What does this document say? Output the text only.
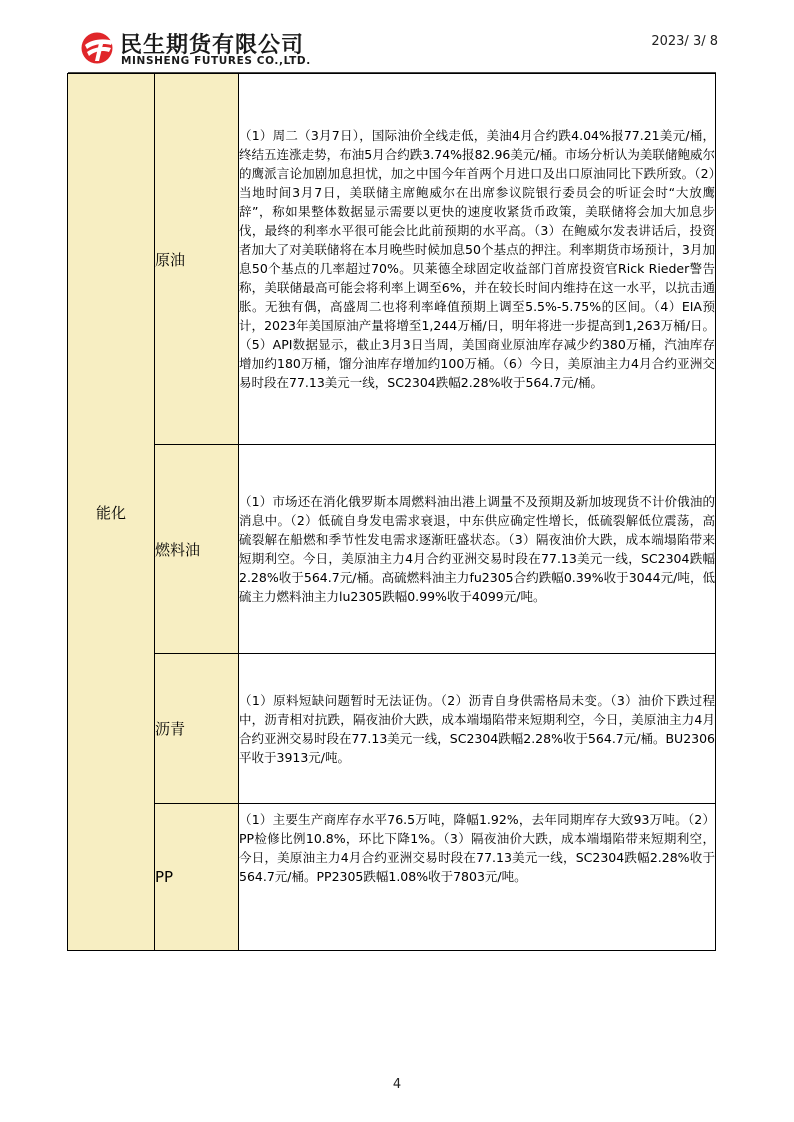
民生期货有限公司
MINSHENG FUTURES CO.,LTD.
2023/ 3/ 8
能化	原油	（1）周二（3月7日），国际油价全线走低，美油4月合约跌4.04%报77.21美元/桶，终结五连涨走势，布油5月合约跌3.74%报82.96美元/桶。市场分析认为美联储鲍威尔的鹰派言论加剧加息担忧，加之中国今年首两个月进口及出口原油同比下跌所致。（2）当地时间3月7日，美联储主席鲍威尔在出席参议院银行委员会的听证会时“大放鹰辞”，称如果整体数据显示需要以更快的速度收紧货币政策，美联储将会加大加息步伐，最终的利率水平很可能会比此前预期的水平高。（3）在鲍威尔发表讲话后，投资者加大了对美联储将在本月晚些时候加息50个基点的押注。利率期货市场预计，3月加息50个基点的几率超过70%。贝莱德全球固定收益部门首席投资官Rick Rieder警告称，美联储最高可能会将利率上调至6%，并在较长时间内维持在这一水平，以抗击通胀。无独有偶，高盛周二也将利率峰值预期上调至5.5%-5.75%的区间。（4）EIA预计，2023年美国原油产量将增至1,244万桶/日，明年将进一步提高到1,263万桶/日。（5）API数据显示，截止3月3日当周，美国商业原油库存减少约380万桶，汽油库存增加约180万桶，馏分油库存增加约100万桶。（6）今日，美原油主力4月合约亚洲交易时段在77.13美元一线，SC2304跌幅2.28%收于564.7元/桶。

	燃料油	（1）市场还在消化俄罗斯本周燃料油出港上调量不及预期及新加坡现货不计价俄油的消息中。（2）低硫自身发电需求衰退，中东供应确定性增长，低硫裂解低位震荡，高硫裂解在船燃和季节性发电需求逐渐旺盛状态。（3）隔夜油价大跌，成本端塌陷带来短期利空。今日，美原油主力4月合约亚洲交易时段在77.13美元一线，SC2304跌幅2.28%收于564.7元/桶。高硫燃料油主力fu2305合约跌幅0.39%收于3044元/吨，低硫主力燃料油主力lu2305跌幅0.99%收于4099元/吨。

	沥青	（1）原料短缺问题暂时无法证伪。（2）沥青自身供需格局未变。（3）油价下跌过程中，沥青相对抗跌，隔夜油价大跌，成本端塌陷带来短期利空，今日，美原油主力4月合约亚洲交易时段在77.13美元一线，SC2304跌幅2.28%收于564.7元/桶。BU2306平收于3913元/吨。

	PP	（1）主要生产商库存水平76.5万吨，降幅1.92%，去年同期库存大致93万吨。（2）PP检修比例10.8%，环比下降1%。（3）隔夜油价大跌，成本端塌陷带来短期利空，今日，美原油主力4月合约亚洲交易时段在77.13美元一线，SC2304跌幅2.28%收于564.7元/桶。PP2305跌幅1.08%收于7803元/吨。

4
